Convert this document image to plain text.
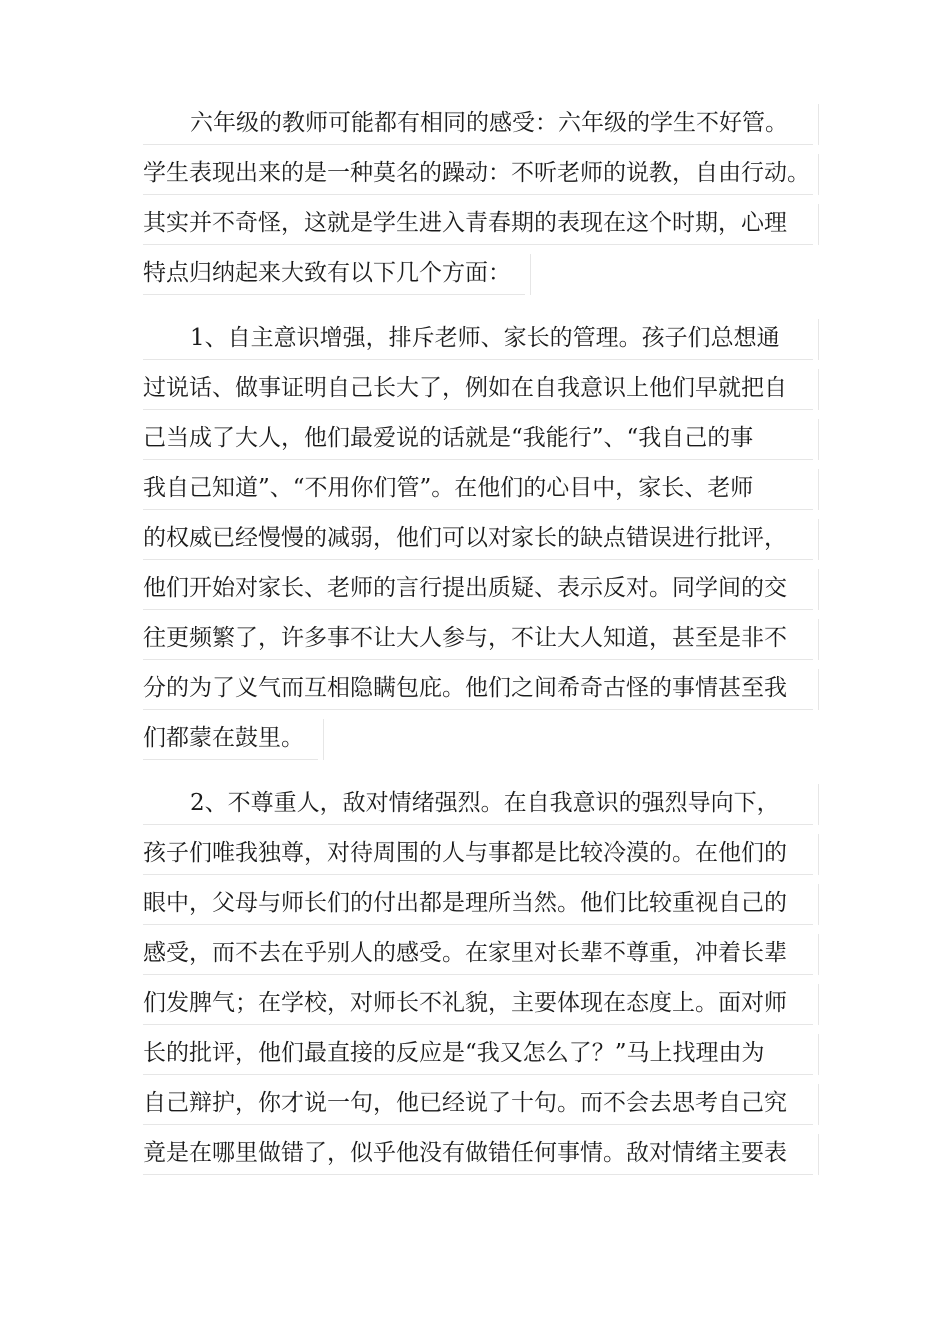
六年级的教师可能都有相同的感受：六年级的学生不好管。
学生表现出来的是一种莫名的躁动：不听老师的说教，自由行动。
其实并不奇怪，这就是学生进入青春期的表现在这个时期，心理
特点归纳起来大致有以下几个方面：
1、自主意识增强，排斥老师、家长的管理。孩子们总想通
过说话、做事证明自己长大了，例如在自我意识上他们早就把自
己当成了大人，他们最爱说的话就是“我能行”、“我自己的事
我自己知道”、“不用你们管”。在他们的心目中，家长、老师
的权威已经慢慢的减弱，他们可以对家长的缺点错误进行批评，
他们开始对家长、老师的言行提出质疑、表示反对。同学间的交
往更频繁了，许多事不让大人参与，不让大人知道，甚至是非不
分的为了义气而互相隐瞒包庇。他们之间希奇古怪的事情甚至我
们都蒙在鼓里。
2、不尊重人，敌对情绪强烈。在自我意识的强烈导向下，
孩子们唯我独尊，对待周围的人与事都是比较冷漠的。在他们的
眼中，父母与师长们的付出都是理所当然。他们比较重视自己的
感受，而不去在乎别人的感受。在家里对长辈不尊重，冲着长辈
们发脾气；在学校，对师长不礼貌，主要体现在态度上。面对师
长的批评，他们最直接的反应是“我又怎么了？”马上找理由为
自己辩护，你才说一句，他已经说了十句。而不会去思考自己究
竟是在哪里做错了，似乎他没有做错任何事情。敌对情绪主要表
